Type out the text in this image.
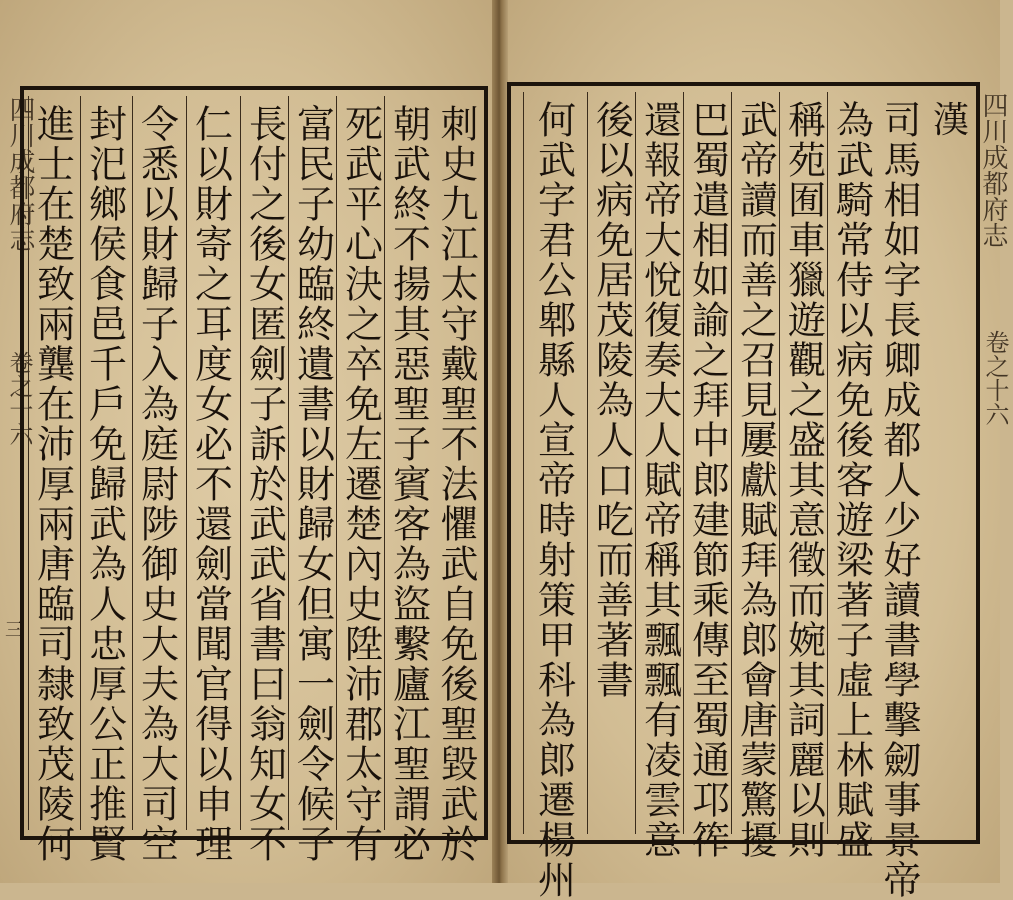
四川成都府志
卷之十六
四川成都府志
卷之十六
三	司馬相如字長卿成都人少好讀書學擊劒事景帝
為武騎常侍以病免後客遊梁著子虛上林賦盛
稱苑囿車獵遊觀之盛其意徵而婉其詞麗以則
武帝讀而善之召見屢獻賦拜為郎會唐蒙驚擾
巴蜀遣相如諭之拜中郎建節乘傳至蜀通邛筰
還報帝大悅復奏大人賦帝稱其飄飄有凌雲意
後以病免居茂陵為人口吃而善著書
何武字君公郫縣人宣帝時射策甲科為郎遷楊州	漢
刺史九江太守戴聖不法懼武自免後聖毀武於
朝武終不揚其惡聖子賓客為盜繫廬江聖謂必
死武平心決之卒免左遷楚內史陞沛郡太守有
富民子幼臨終遺書以財歸女但寓一劍令候子
長付之後女匿劍子訴於武武省書曰翁知女不
仁以財寄之耳度女必不還劍當聞官得以申理
令悉以財歸子入為庭尉陟御史大夫為大司空
封汜鄉侯食邑千戶免歸武為人忠厚公正推賢
進士在楚致兩龔在沛厚兩唐臨司隸致茂陵何
